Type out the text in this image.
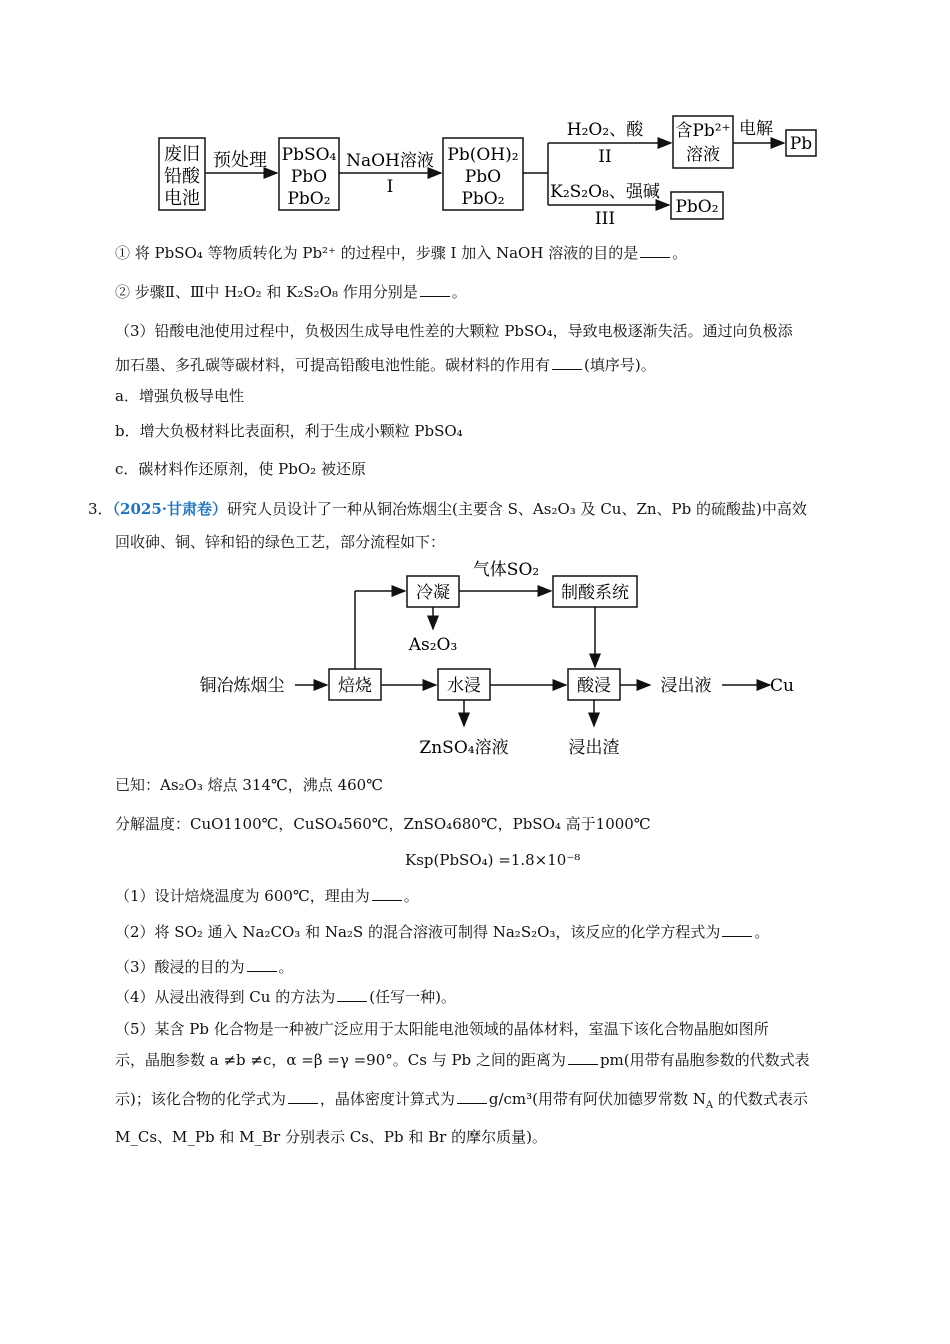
废旧
铅酸
电池
预处理 PbSO₄
PbO
PbO₂
NaOH溶液
I
Pb(OH)₂
PbO
PbO₂
H₂O₂、酸
II
K₂S₂O₈、强碱
III
含Pb²⁺
溶液
电解
Pb
PbO₂
① 将 PbSO₄ 等物质转化为 Pb²⁺ 的过程中，步骤 I 加入 NaOH 溶液的目的是 。
② 步骤Ⅱ、Ⅲ中 H₂O₂ 和 K₂S₂O₈ 作用分别是 。
（3）铅酸电池使用过程中，负极因生成导电性差的大颗粒 PbSO₄，导致电极逐渐失活。通过向负极添
加石墨、多孔碳等碳材料，可提高铅酸电池性能。碳材料的作用有 (填序号)。
a．增强负极导电性
b．增大负极材料比表面积，利于生成小颗粒 PbSO₄
c．碳材料作还原剂，使 PbO₂ 被还原
3．（2025·甘肃卷）研究人员设计了一种从铜冶炼烟尘(主要含 S、As₂O₃ 及 Cu、Zn、Pb 的硫酸盐)中高效
回收砷、铜、锌和铅的绿色工艺，部分流程如下：
冷凝
气体SO₂
制酸系统
As₂O₃
铜冶炼烟尘	焙烧	水浸	酸浸	浸出液	Cu
ZnSO₄溶液	浸出渣
已知：As₂O₃ 熔点 314℃，沸点 460℃
分解温度：CuO1100℃，CuSO₄560℃，ZnSO₄680℃，PbSO₄ 高于1000℃
Ksp(PbSO₄) =1.8×10⁻⁸
（1）设计焙烧温度为 600℃，理由为 。
（2）将 SO₂ 通入 Na₂CO₃ 和 Na₂S 的混合溶液可制得 Na₂S₂O₃，该反应的化学方程式为 。
（3）酸浸的目的为 。
（4）从浸出液得到 Cu 的方法为 (任写一种)。
（5）某含 Pb 化合物是一种被广泛应用于太阳能电池领域的晶体材料，室温下该化合物晶胞如图所
示，晶胞参数 a ≠b ≠c，α =β =γ =90°。Cs 与 Pb 之间的距离为 pm(用带有晶胞参数的代数式表
示)；该化合物的化学式为 ，晶体密度计算式为 g/cm³(用带有阿伏加德罗常数 $N_A$ 的代数式表示
M_Cs、M_Pb 和 M_Br 分别表示 Cs、Pb 和 Br 的摩尔质量)。
